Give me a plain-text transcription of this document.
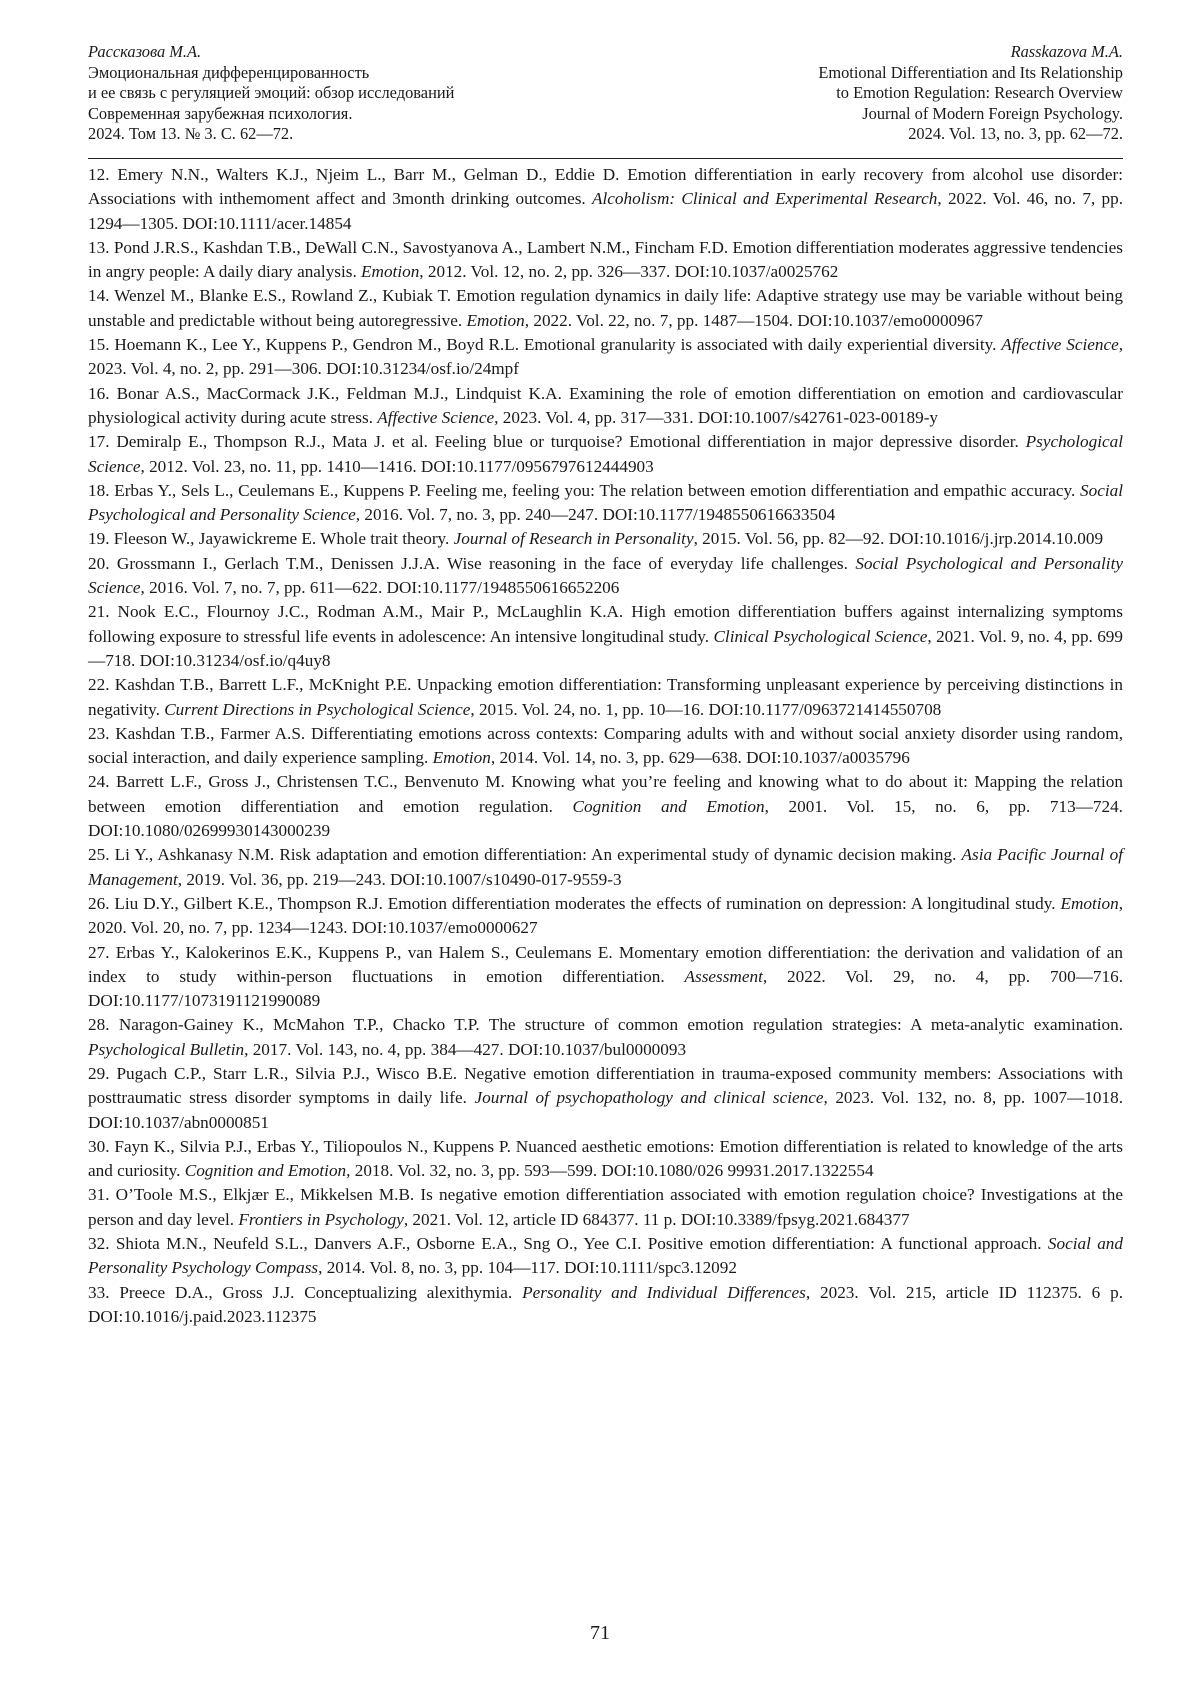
Рассказова М.А.
Эмоциональная дифференцированность
и ее связь с регуляцией эмоций: обзор исследований
Современная зарубежная психология.
2024. Том 13. № 3. С. 62—72.
Rasskazova M.A.
Emotional Differentiation and Its Relationship
to Emotion Regulation: Research Overview
Journal of Modern Foreign Psychology.
2024. Vol. 13, no. 3, pp. 62—72.

12. Emery N.N., Walters K.J., Njeim L., Barr M., Gelman D., Eddie D. Emotion differentiation in early recovery from alcohol use disorder: Associations with inthemoment affect and 3month drinking outcomes. Alcoholism: Clinical and Experimental Research, 2022. Vol. 46, no. 7, pp. 1294—1305. DOI:10.1111/acer.14854

13. Pond J.R.S., Kashdan T.B., DeWall C.N., Savostyanova A., Lambert N.M., Fincham F.D. Emotion differentiation moderates aggressive tendencies in angry people: A daily diary analysis. Emotion, 2012. Vol. 12, no. 2, pp. 326—337. DOI:10.1037/a0025762

14. Wenzel M., Blanke E.S., Rowland Z., Kubiak T. Emotion regulation dynamics in daily life: Adaptive strategy use may be variable without being unstable and predictable without being autoregressive. Emotion, 2022. Vol. 22, no. 7, pp. 1487—1504. DOI:10.1037/emo0000967

15. Hoemann K., Lee Y., Kuppens P., Gendron M., Boyd R.L. Emotional granularity is associated with daily experiential diversity. Affective Science, 2023. Vol. 4, no. 2, pp. 291—306. DOI:10.31234/osf.io/24mpf

16. Bonar A.S., MacCormack J.K., Feldman M.J., Lindquist K.A. Examining the role of emotion differentiation on emotion and cardiovascular physiological activity during acute stress. Affective Science, 2023. Vol. 4, pp. 317—331. DOI:10.1007/s42761-023-00189-y

17. Demiralp E., Thompson R.J., Mata J. et al. Feeling blue or turquoise? Emotional differentiation in major depressive disorder. Psychological Science, 2012. Vol. 23, no. 11, pp. 1410—1416. DOI:10.1177/0956797612444903

18. Erbas Y., Sels L., Ceulemans E., Kuppens P. Feeling me, feeling you: The relation between emotion differentiation and empathic accuracy. Social Psychological and Personality Science, 2016. Vol. 7, no. 3, pp. 240—247. DOI:10.1177/1948550616633504

19. Fleeson W., Jayawickreme E. Whole trait theory. Journal of Research in Personality, 2015. Vol. 56, pp. 82—92. DOI:10.1016/j.jrp.2014.10.009

20. Grossmann I., Gerlach T.M., Denissen J.J.A. Wise reasoning in the face of everyday life challenges. Social Psychological and Personality Science, 2016. Vol. 7, no. 7, pp. 611—622. DOI:10.1177/1948550616652206

21. Nook E.C., Flournoy J.C., Rodman A.M., Mair P., McLaughlin K.A. High emotion differentiation buffers against internalizing symptoms following exposure to stressful life events in adolescence: An intensive longitudinal study. Clinical Psychological Science, 2021. Vol. 9, no. 4, pp. 699—718. DOI:10.31234/osf.io/q4uy8

22. Kashdan T.B., Barrett L.F., McKnight P.E. Unpacking emotion differentiation: Transforming unpleasant experience by perceiving distinctions in negativity. Current Directions in Psychological Science, 2015. Vol. 24, no. 1, pp. 10—16. DOI:10.1177/0963721414550708

23. Kashdan T.B., Farmer A.S. Differentiating emotions across contexts: Comparing adults with and without social anxiety disorder using random, social interaction, and daily experience sampling. Emotion, 2014. Vol. 14, no. 3, pp. 629—638. DOI:10.1037/a0035796

24. Barrett L.F., Gross J., Christensen T.C., Benvenuto M. Knowing what you’re feeling and knowing what to do about it: Mapping the relation between emotion differentiation and emotion regulation. Cognition and Emotion, 2001. Vol. 15, no. 6, pp. 713—724. DOI:10.1080/02699930143000239

25. Li Y., Ashkanasy N.M. Risk adaptation and emotion differentiation: An experimental study of dynamic decision making. Asia Pacific Journal of Management, 2019. Vol. 36, pp. 219—243. DOI:10.1007/s10490-017-9559-3

26. Liu D.Y., Gilbert K.E., Thompson R.J. Emotion differentiation moderates the effects of rumination on depression: A longitudinal study. Emotion, 2020. Vol. 20, no. 7, pp. 1234—1243. DOI:10.1037/emo0000627

27. Erbas Y., Kalokerinos E.K., Kuppens P., van Halem S., Ceulemans E. Momentary emotion differentiation: the derivation and validation of an index to study within-person fluctuations in emotion differentiation. Assessment, 2022. Vol. 29, no. 4, pp. 700—716. DOI:10.1177/1073191121990089

28. Naragon-Gainey K., McMahon T.P., Chacko T.P. The structure of common emotion regulation strategies: A meta-analytic examination. Psychological Bulletin, 2017. Vol. 143, no. 4, pp. 384—427. DOI:10.1037/bul0000093

29. Pugach C.P., Starr L.R., Silvia P.J., Wisco B.E. Negative emotion differentiation in trauma-exposed community members: Associations with posttraumatic stress disorder symptoms in daily life. Journal of psychopathology and clinical science, 2023. Vol. 132, no. 8, pp. 1007—1018. DOI:10.1037/abn0000851

30. Fayn K., Silvia P.J., Erbas Y., Tiliopoulos N., Kuppens P. Nuanced aesthetic emotions: Emotion differentiation is related to knowledge of the arts and curiosity. Cognition and Emotion, 2018. Vol. 32, no. 3, pp. 593—599. DOI:10.1080/026 99931.2017.1322554

31. O’Toole M.S., Elkjær E., Mikkelsen M.B. Is negative emotion differentiation associated with emotion regulation choice? Investigations at the person and day level. Frontiers in Psychology, 2021. Vol. 12, article ID 684377. 11 p. DOI:10.3389/fpsyg.2021.684377

32. Shiota M.N., Neufeld S.L., Danvers A.F., Osborne E.A., Sng O., Yee C.I. Positive emotion differentiation: A functional approach. Social and Personality Psychology Compass, 2014. Vol. 8, no. 3, pp. 104—117. DOI:10.1111/spc3.12092

33. Preece D.A., Gross J.J. Conceptualizing alexithymia. Personality and Individual Differences, 2023. Vol. 215, article ID 112375. 6 p. DOI:10.1016/j.paid.2023.112375

71
